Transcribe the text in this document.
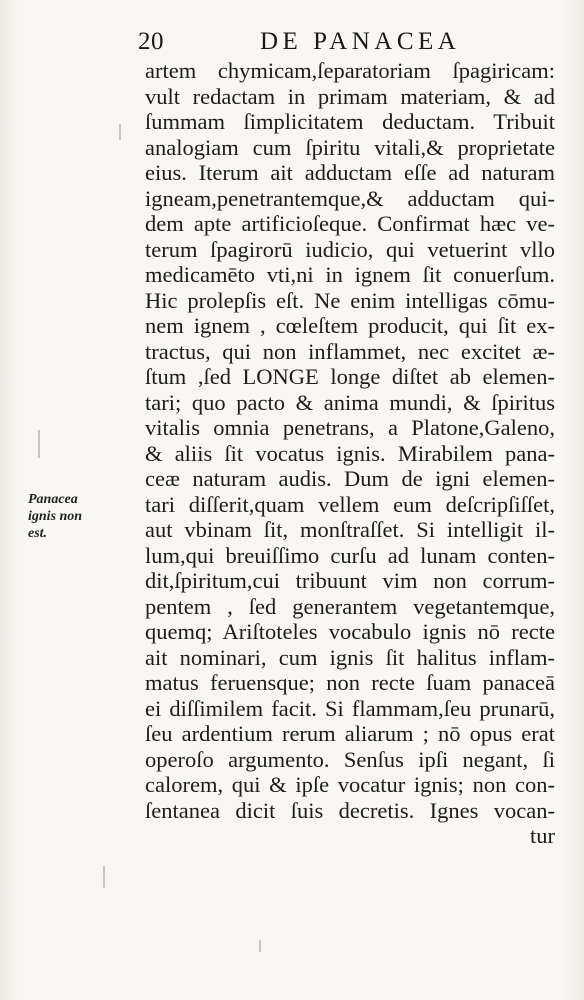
20	DE PANACEA
Panacea
ignis non
est.
artem chymicam,ſeparatoriam ſpagiricam:
vult redactam in primam materiam, & ad
ſummam ſimplicitatem deductam. Tribuit
analogiam cum ſpiritu vitali,& proprietate
eius. Iterum ait adductam eſſe ad naturam
igneam,penetrantemque,& adductam qui-
dem apte artificioſeque. Confirmat hæc ve-
terum ſpagirorū iudicio, qui vetuerint vllo
medicamēto vti,ni in ignem ſit conuerſum.
Hic prolepſis eſt. Ne enim intelligas cōmu-
nem ignem , cœleſtem producit, qui ſit ex-
tractus, qui non inflammet, nec excitet æ-
ſtum ,ſed LONGE longe diſtet ab elemen-
tari; quo pacto & anima mundi, & ſpiritus
vitalis omnia penetrans, a Platone,Galeno,
& aliis ſit vocatus ignis. Mirabilem pana-
ceæ naturam audis. Dum de igni elemen-
tari diſſerit,quam vellem eum deſcripſiſſet,
aut vbinam ſit, monſtraſſet. Si intelligit il-
lum,qui breuiſſimo curſu ad lunam conten-
dit,ſpiritum,cui tribuunt vim non corrum-
pentem , ſed generantem vegetantemque,
quemq; Ariſtoteles vocabulo ignis nō recte
ait nominari, cum ignis ſit halitus inflam-
matus feruensque; non recte ſuam panaceā
ei diſſimilem facit. Si flammam,ſeu prunarū,
ſeu ardentium rerum aliarum ; nō opus erat
operoſo argumento. Senſus ipſi negant, ſi
calorem, qui & ipſe vocatur ignis; non con-
ſentanea dicit ſuis decretis. Ignes vocan-
tur
